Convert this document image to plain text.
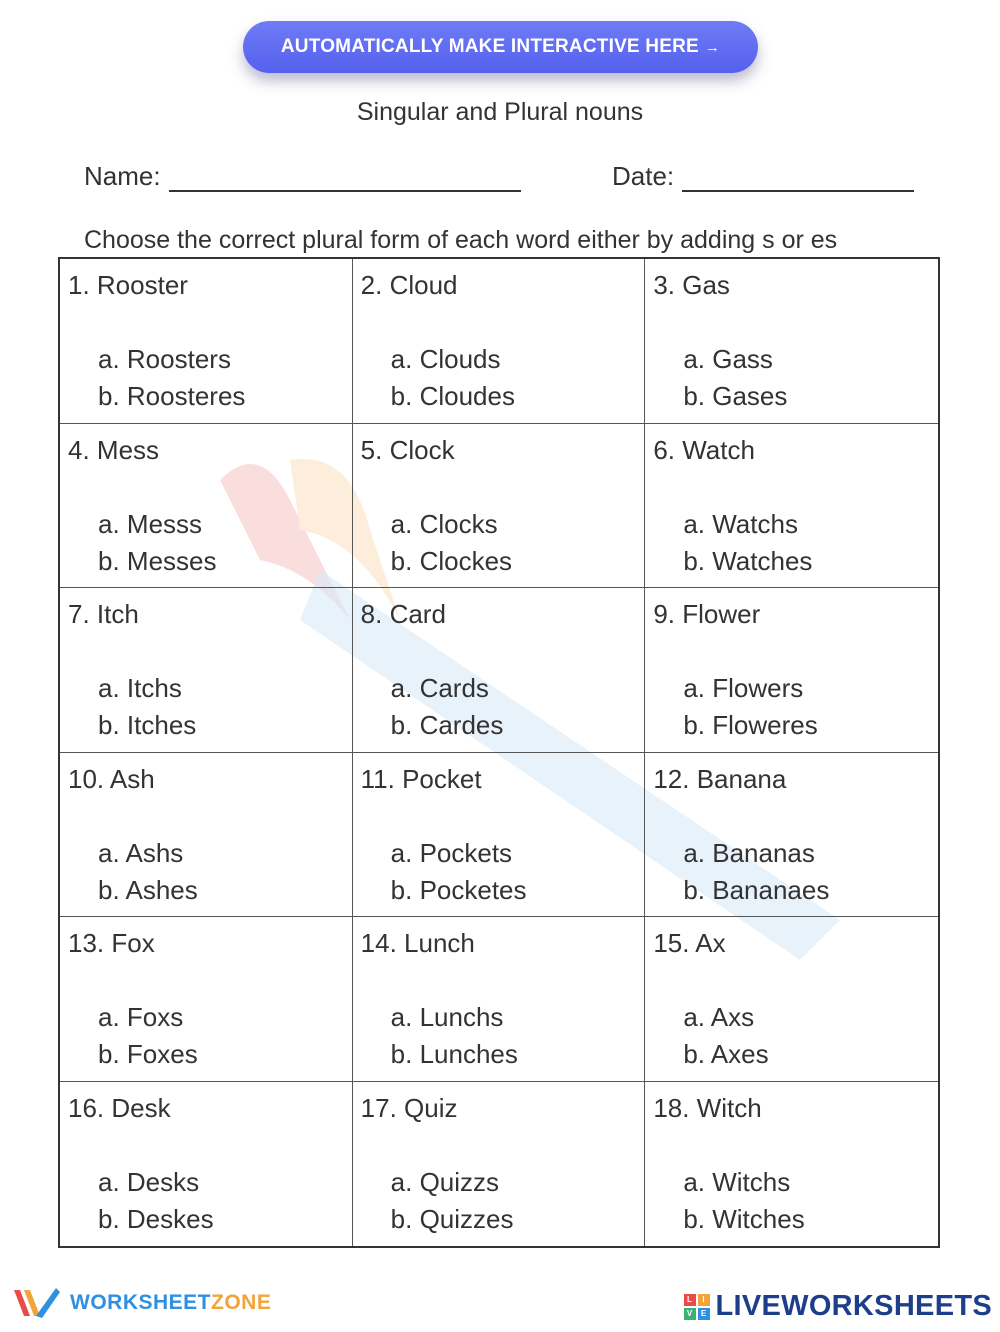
AUTOMATICALLY MAKE INTERACTIVE HERE →
Singular and Plural nouns
Name:	Date:
Choose the correct plural form of each word either by adding s or es
1. Rooster
a. Roosters
b. Roosteres
2. Cloud
a. Clouds
b. Cloudes
3. Gas
a. Gass
b. Gases
4. Mess
a. Messs
b. Messes
5. Clock
a. Clocks
b. Clockes
6. Watch
a. Watchs
b. Watches
7. Itch
a. Itchs
b. Itches
8. Card
a. Cards
b. Cardes
9. Flower
a. Flowers
b. Floweres
10. Ash
a. Ashs
b. Ashes
11. Pocket
a. Pockets
b. Pocketes
12. Banana
a. Bananas
b. Bananaes
13. Fox
a. Foxs
b. Foxes
14. Lunch
a. Lunchs
b. Lunches
15. Ax
a. Axs
b. Axes
16. Desk
a. Desks
b. Deskes
17. Quiz
a. Quizzs
b. Quizzes
18. Witch
a. Witchs
b. Witches
WORKSHEETZONE	L	I
V	E LIVEWORKSHEETS
